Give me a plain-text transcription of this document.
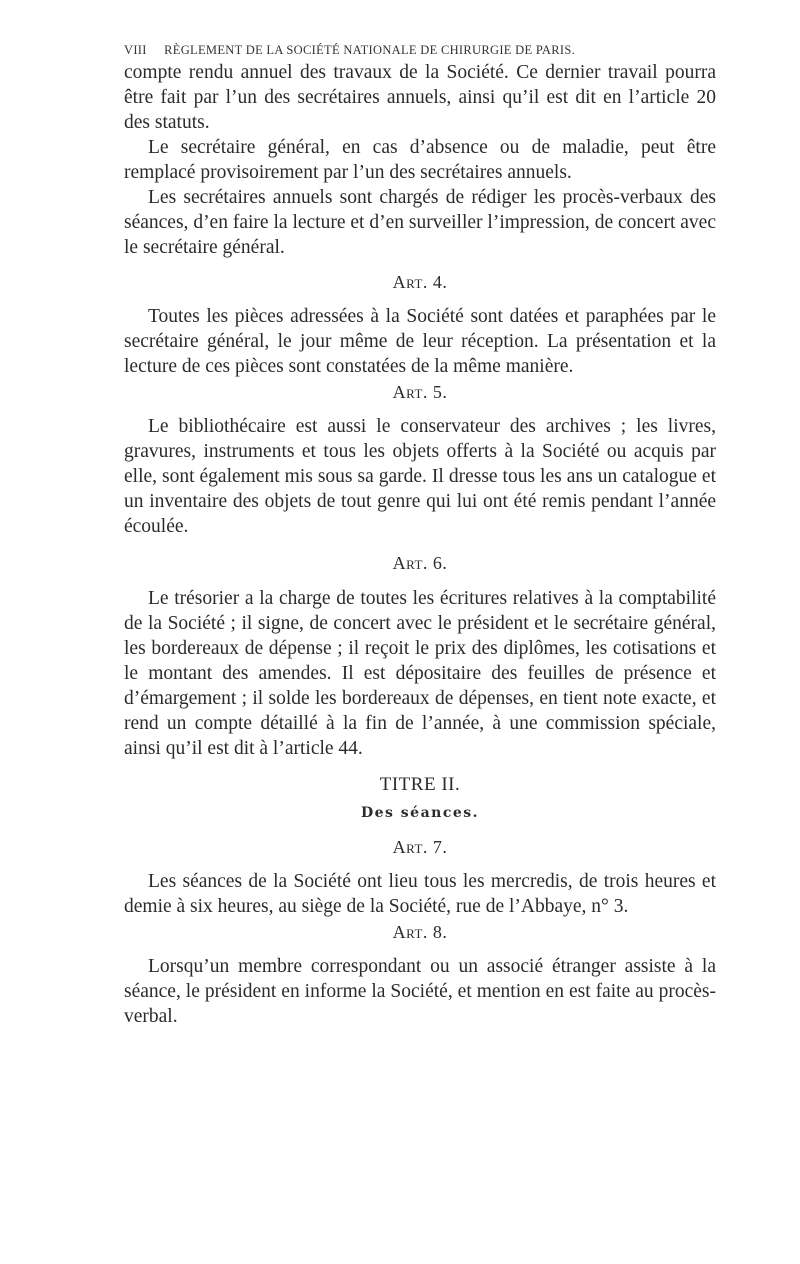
VIII RÈGLEMENT DE LA SOCIÉTÉ NATIONALE DE CHIRURGIE DE PARIS.

compte rendu annuel des travaux de la Société. Ce dernier travail pourra être fait par l’un des secrétaires annuels, ainsi qu’il est dit en l’article 20 des statuts.

Le secrétaire général, en cas d’absence ou de maladie, peut être remplacé provisoirement par l’un des secrétaires annuels.

Les secrétaires annuels sont chargés de rédiger les procès-verbaux des séances, d’en faire la lecture et d’en surveiller l’impression, de concert avec le secrétaire général.

Art. 4.

Toutes les pièces adressées à la Société sont datées et paraphées par le secrétaire général, le jour même de leur réception. La présentation et la lecture de ces pièces sont constatées de la même manière.

Art. 5.

Le bibliothécaire est aussi le conservateur des archives ; les livres, gravures, instruments et tous les objets offerts à la Société ou acquis par elle, sont également mis sous sa garde. Il dresse tous les ans un catalogue et un inventaire des objets de tout genre qui lui ont été remis pendant l’année écoulée.

Art. 6.

Le trésorier a la charge de toutes les écritures relatives à la comptabilité de la Société ; il signe, de concert avec le président et le secrétaire général, les bordereaux de dépense ; il reçoit le prix des diplômes, les cotisations et le montant des amendes. Il est dépositaire des feuilles de présence et d’émargement ; il solde les bordereaux de dépenses, en tient note exacte, et rend un compte détaillé à la fin de l’année, à une commission spéciale, ainsi qu’il est dit à l’article 44.

TITRE II.
Des séances.
Art. 7.

Les séances de la Société ont lieu tous les mercredis, de trois heures et demie à six heures, au siège de la Société, rue de l’Abbaye, n° 3.

Art. 8.

Lorsqu’un membre correspondant ou un associé étranger assiste à la séance, le président en informe la Société, et mention en est faite au procès-verbal.
